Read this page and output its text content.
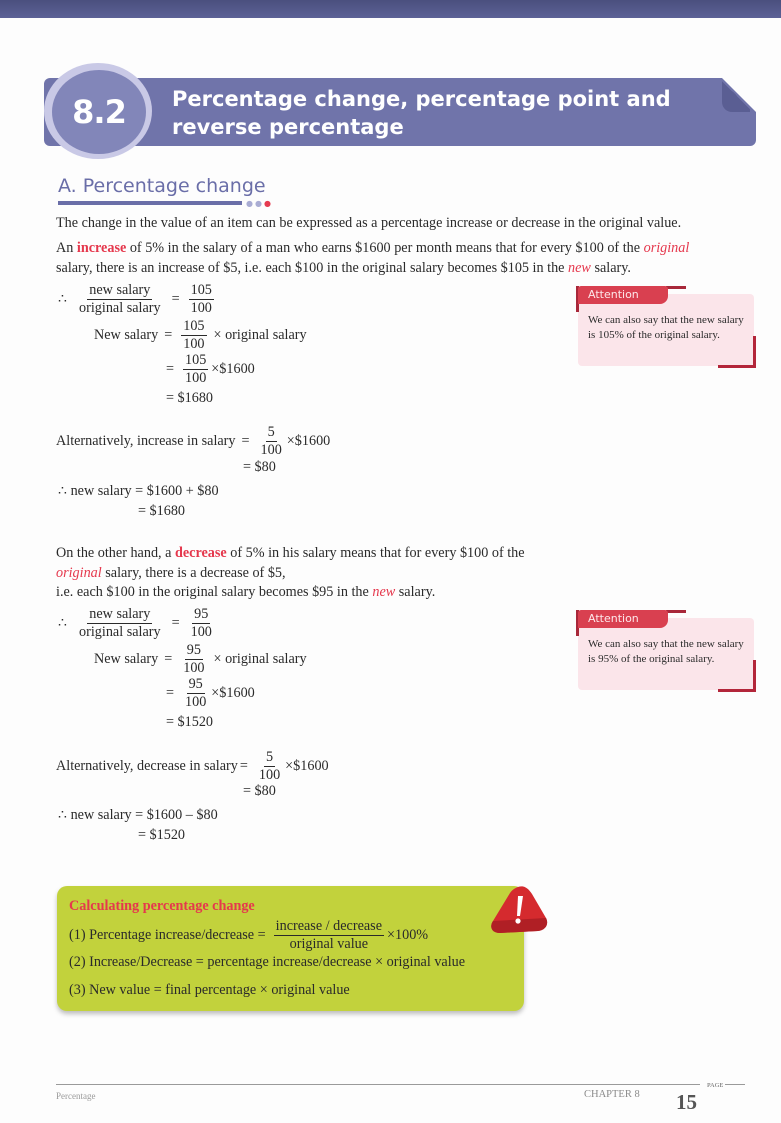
8.2	Percentage change, percentage point and
reverse percentage
A. Percentage change
●●●
The change in the value of an item can be expressed as a percentage increase or decrease in the original value.
An increase of 5% in the salary of a man who earns $1600 per month means that for every $100 of the original
salary, there is an increase of $5, i.e. each $100 in the original salary becomes $105 in the new salary.
∴ $\frac{\text{new salary}}{\text{original salary}} = \frac{105}{100}$
New salary = $\frac{105}{100}$ × original salary
= $\frac{105}{100}$ ×$1600
= $1680
Alternatively, increase in salary = $\frac{5}{100}$ ×$1600
= $80
∴ new salary = $1600 + $80
= $1680
Attention
We can also say that the new salary is 105% of the original salary.
On the other hand, a decrease of 5% in his salary means that for every $100 of the
original salary, there is a decrease of $5,
i.e. each $100 in the original salary becomes $95 in the new salary.
∴ $\frac{\text{new salary}}{\text{original salary}} = \frac{95}{100}$
New salary = $\frac{95}{100}$ × original salary
= $\frac{95}{100}$ ×$1600
= $1520
Alternatively, decrease in salary = $\frac{5}{100}$ ×$1600
= $80
∴ new salary = $1600 – $80
= $1520
Attention
We can also say that the new salary is 95% of the original salary.
Calculating percentage change
(1) Percentage increase/decrease = $\frac{\text{increase / decrease}}{\text{original value}} \times 100\%$
(2) Increase/Decrease = percentage increase/decrease × original value
(3) New value = final percentage × original value
Percentage	CHAPTER 8 15
PAGE
